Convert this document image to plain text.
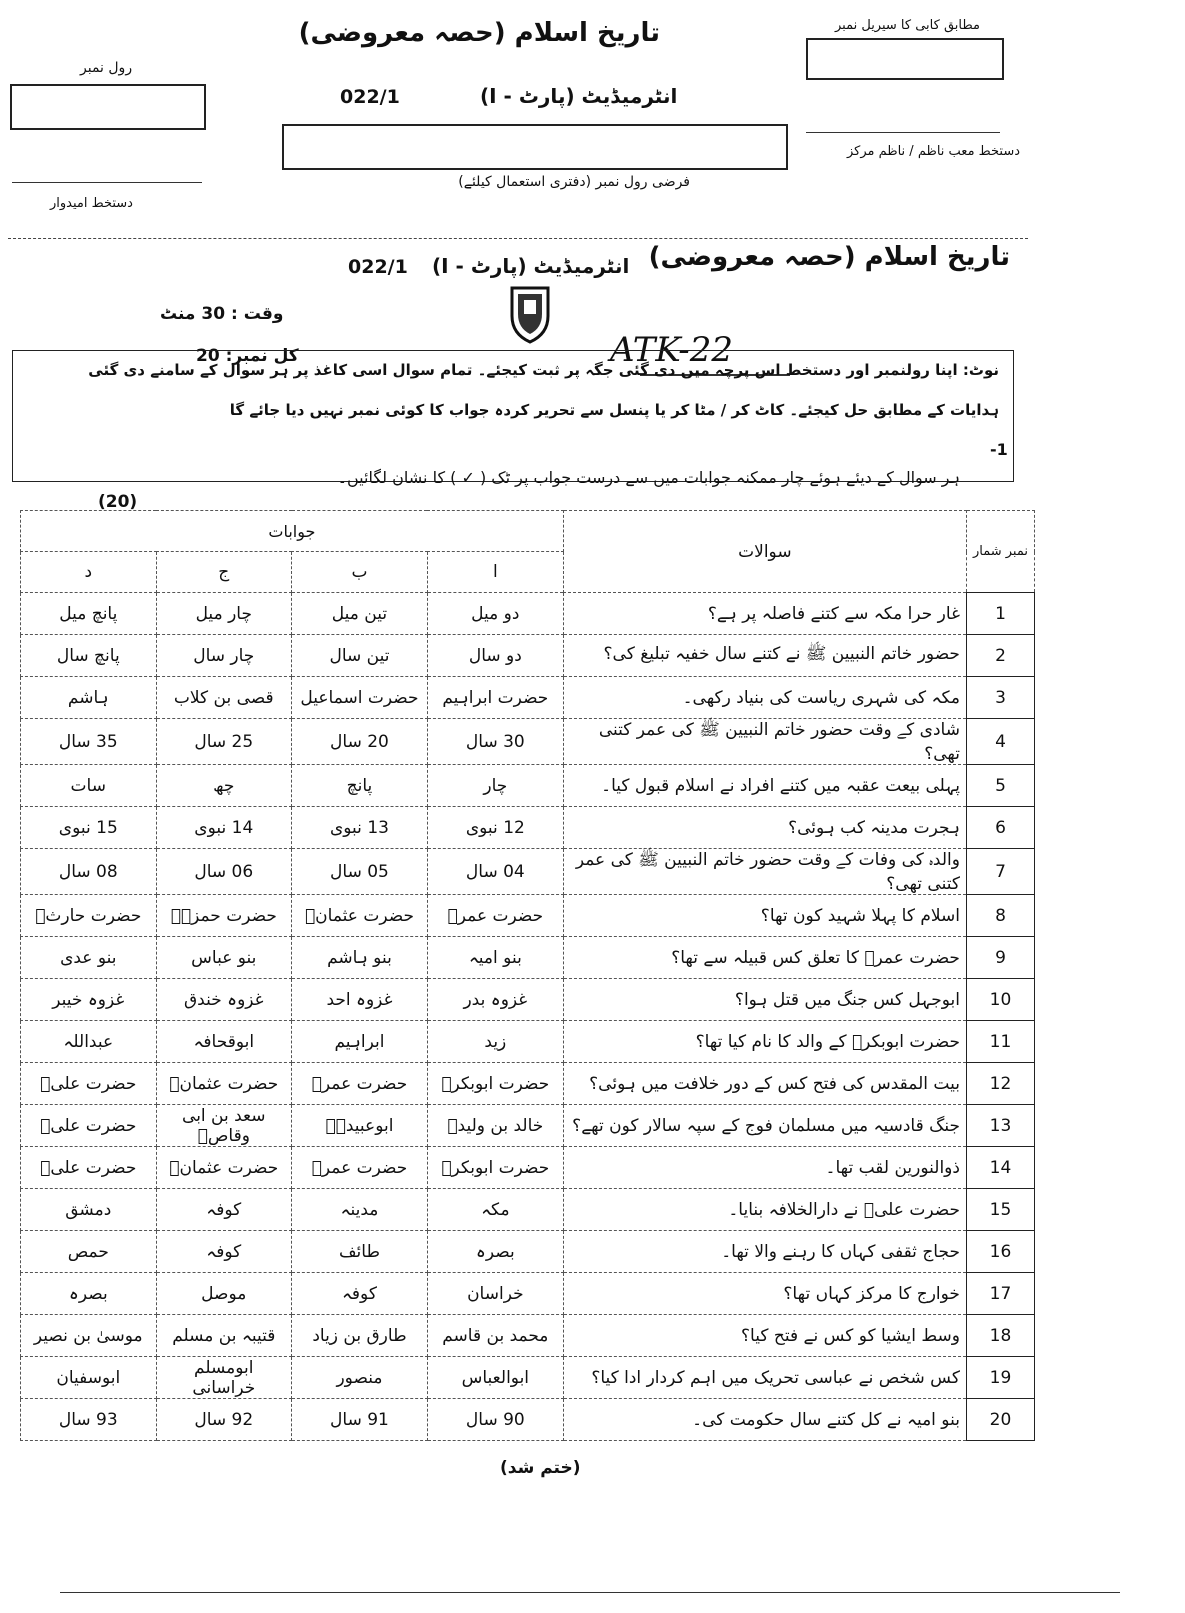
تاریخ اسلام (حصہ معروضی)
انٹرمیڈیٹ (پارٹ - I)
022/1
مطابق کابی کا سیریل نمبر
دستخط معب ناظم / ناظم مرکز
رول نمبر
فرضی رول نمبر (دفتری استعمال کیلئے)
دستخط امیدوار
تاریخ اسلام (حصہ معروضی)
انٹرمیڈیٹ (پارٹ - I)
022/1
وقت : 30 منٹ
کل نمبر: 20	ATK-22
نوٹ: اپنا رولنمبر اور دستخط اس پرچہ میں دی گئی جگہ پر ثبت کیجئے۔ تمام سوال اسی کاغذ پر ہر سوال کے سامنے دی گئی
ہدایات کے مطابق حل کیجئے۔ کاٹ کر / مٹا کر یا پنسل سے تحریر کردہ جواب کا کوئی نمبر نہیں دیا جائے گا
-1
ہر سوال کے دیئے ہوئے چار ممکنہ جوابات میں سے درست جواب پر ٹک ( ✓ ) کا نشان لگائیں۔
(20)
جوابات				سوالات	نمبر شمار
د	ج	ب	ا		
پانچ میل	چار میل	تین میل	دو میل	غار حرا مکہ سے کتنے فاصلہ پر ہے؟	1
پانچ سال	چار سال	تین سال	دو سال	حضور خاتم النبیین ﷺ نے کتنے سال خفیہ تبلیغ کی؟	2
ہاشم	قصی بن کلاب	حضرت اسماعیل	حضرت ابراہیم	مکہ کی شہری ریاست کی بنیاد رکھی۔	3
35 سال	25 سال	20 سال	30 سال	شادی کے وقت حضور خاتم النبیین ﷺ کی عمر کتنی تھی؟	4
سات	چھ	پانچ	چار	پہلی بیعت عقبہ میں کتنے افراد نے اسلام قبول کیا۔	5
15 نبوی	14 نبوی	13 نبوی	12 نبوی	ہجرت مدینہ کب ہوئی؟	6
08 سال	06 سال	05 سال	04 سال	والدہ کی وفات کے وقت حضور خاتم النبیین ﷺ کی عمر کتنی تھی؟	7
حضرت حارثؓ	حضرت حمزہؓ	حضرت عثمانؓ	حضرت عمرؓ	اسلام کا پہلا شہید کون تھا؟	8
بنو عدی	بنو عباس	بنو ہاشم	بنو امیہ	حضرت عمرؓ کا تعلق کس قبیلہ سے تھا؟	9
غزوہ خیبر	غزوہ خندق	غزوہ احد	غزوہ بدر	ابوجہل کس جنگ میں قتل ہوا؟	10
عبداللہ	ابوقحافہ	ابراہیم	زید	حضرت ابوبکرؓ کے والد کا نام کیا تھا؟	11
حضرت علیؓ	حضرت عثمانؓ	حضرت عمرؓ	حضرت ابوبکرؓ	بیت المقدس کی فتح کس کے دور خلافت میں ہوئی؟	12
حضرت علیؓ	سعد بن ابی وقاصؓ	ابوعبیدہؓ	خالد بن ولیدؓ	جنگ قادسیہ میں مسلمان فوج کے سپہ سالار کون تھے؟	13
حضرت علیؓ	حضرت عثمانؓ	حضرت عمرؓ	حضرت ابوبکرؓ	ذوالنورین لقب تھا۔	14
دمشق	کوفہ	مدینہ	مکہ	حضرت علیؓ نے دارالخلافہ بنایا۔	15
حمص	کوفہ	طائف	بصرہ	حجاج ثقفی کہاں کا رہنے والا تھا۔	16
بصرہ	موصل	کوفہ	خراسان	خوارج کا مرکز کہاں تھا؟	17
موسیٰ بن نصیر	قتیبہ بن مسلم	طارق بن زیاد	محمد بن قاسم	وسط ایشیا کو کس نے فتح کیا؟	18
ابوسفیان	ابومسلم خراسانی	منصور	ابوالعباس	کس شخص نے عباسی تحریک میں اہم کردار ادا کیا؟	19
93 سال	92 سال	91 سال	90 سال	بنو امیہ نے کل کتنے سال حکومت کی۔	20
(ختم شد)
